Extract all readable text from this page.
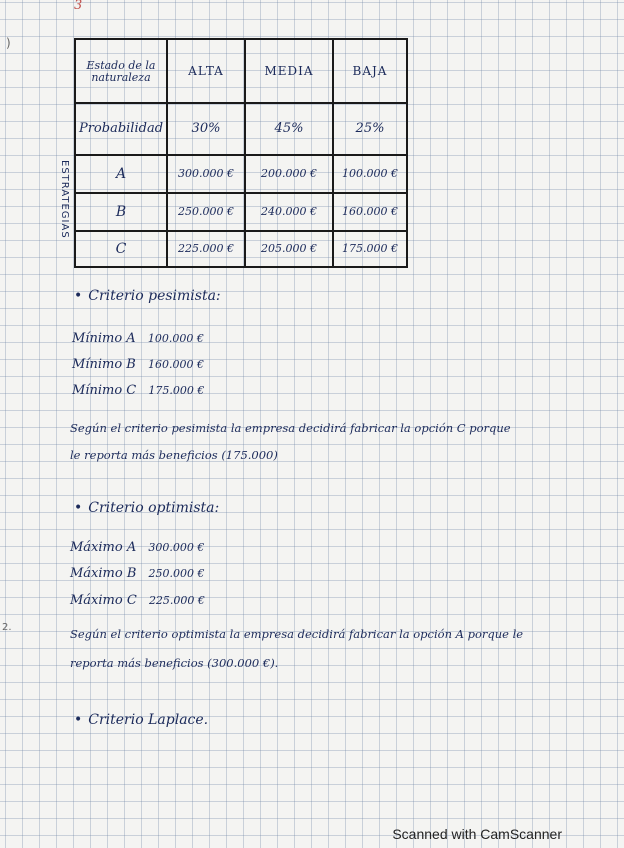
3
)
2.
ESTRATEGIAS
Estado de la naturaleza	ALTA	MEDIA	BAJA
Probabilidad	30%	45%	25%
A	300.000 €	200.000 €	100.000 €
B	250.000 €	240.000 €	160.000 €
C	225.000 €	205.000 €	175.000 €
• Criterio pesimista:
Mínimo A 100.000 €
Mínimo B 160.000 €
Mínimo C 175.000 €
Según el criterio pesimista la empresa decidirá fabricar la opción C porque
le reporta más beneficios (175.000)
• Criterio optimista:
Máximo A 300.000 €
Máximo B 250.000 €
Máximo C 225.000 €
Según el criterio optimista la empresa decidirá fabricar la opción A porque le
reporta más beneficios (300.000 €).
• Criterio Laplace.
Scanned with CamScanner
